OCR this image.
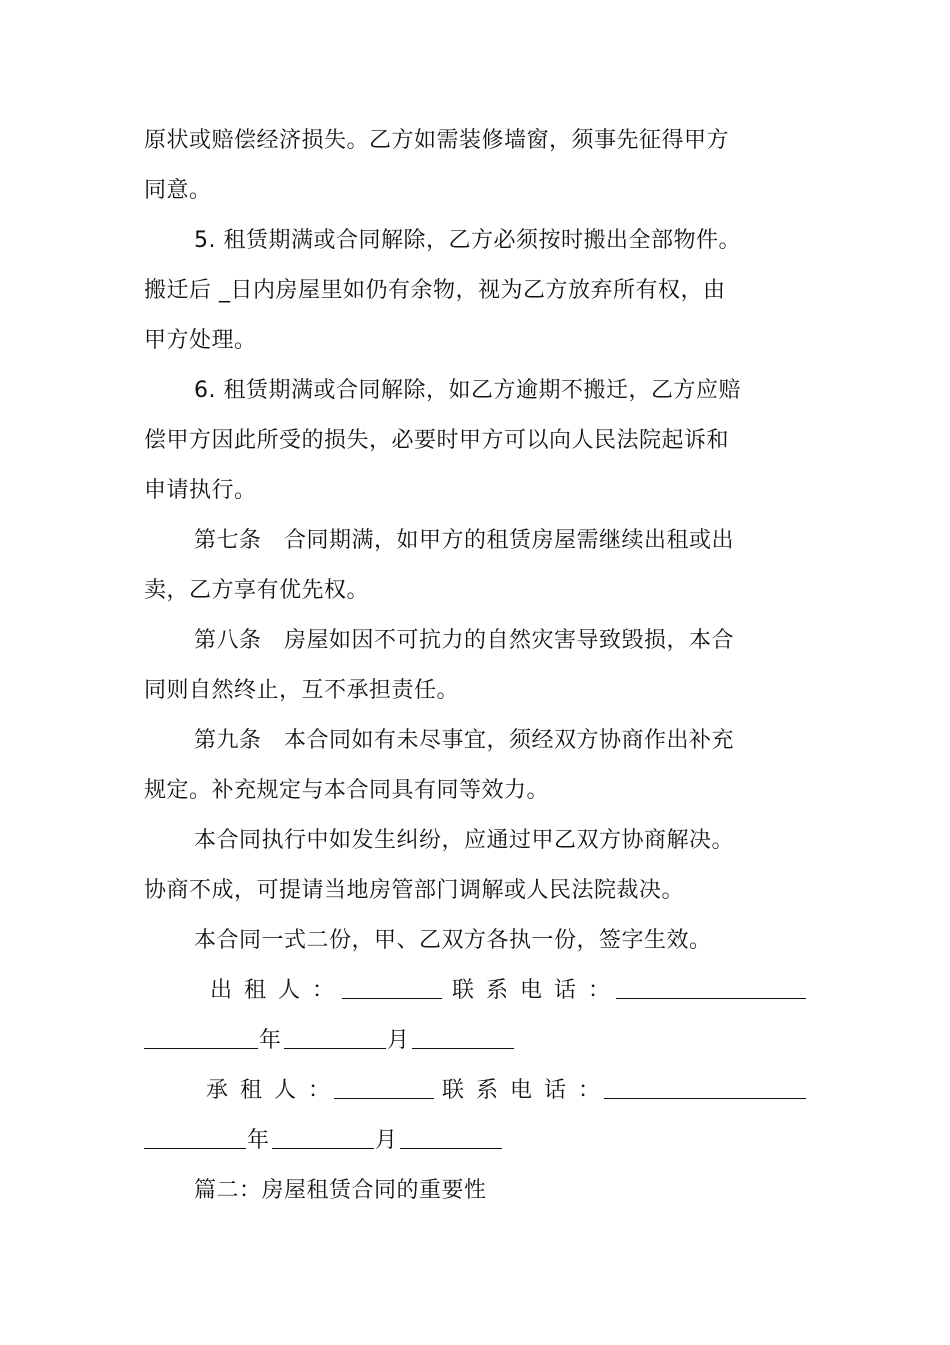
原状或赔偿经济损失。乙方如需装修墙窗，须事先征得甲方
同意。
5. 租赁期满或合同解除，乙方必须按时搬出全部物件。
搬迁后 _日内房屋里如仍有余物，视为乙方放弃所有权，由
甲方处理。
6. 租赁期满或合同解除，如乙方逾期不搬迁，乙方应赔
偿甲方因此所受的损失，必要时甲方可以向人民法院起诉和
申请执行。
第七条　合同期满，如甲方的租赁房屋需继续出租或出
卖，乙方享有优先权。
第八条　房屋如因不可抗力的自然灾害导致毁损，本合
同则自然终止，互不承担责任。
第九条　本合同如有未尽事宜，须经双方协商作出补充
规定。补充规定与本合同具有同等效力。
本合同执行中如发生纠纷，应通过甲乙双方协商解决。
协商不成，可提请当地房管部门调解或人民法院裁决。
本合同一式二份，甲、乙双方各执一份，签字生效。
出租人：	联系电话：
年	月
承租人：	联系电话：
年	月
篇二：房屋租赁合同的重要性
